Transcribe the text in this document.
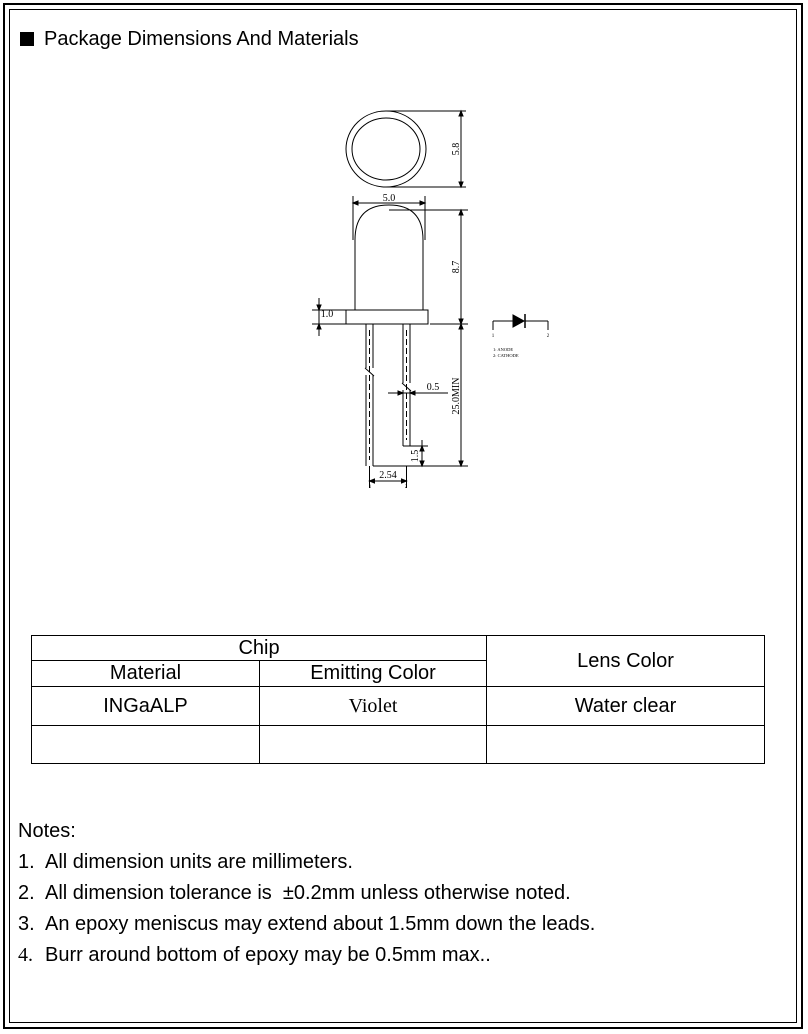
Package Dimensions And Materials
5.8
5.0
8.7
1.0
0.5 25.0MIN
1.5
2.54
1	2
1	2
1: ANODE
2: CATHODE
Chip		Lens Color
Material	Emitting Color	
INGaALP	Violet	Water clear

Notes:
1. All dimension units are millimeters.
2. All dimension tolerance is  ±0.2mm unless otherwise noted.
3. An epoxy meniscus may extend about 1.5mm down the leads.
4. Burr around bottom of epoxy may be 0.5mm max..
